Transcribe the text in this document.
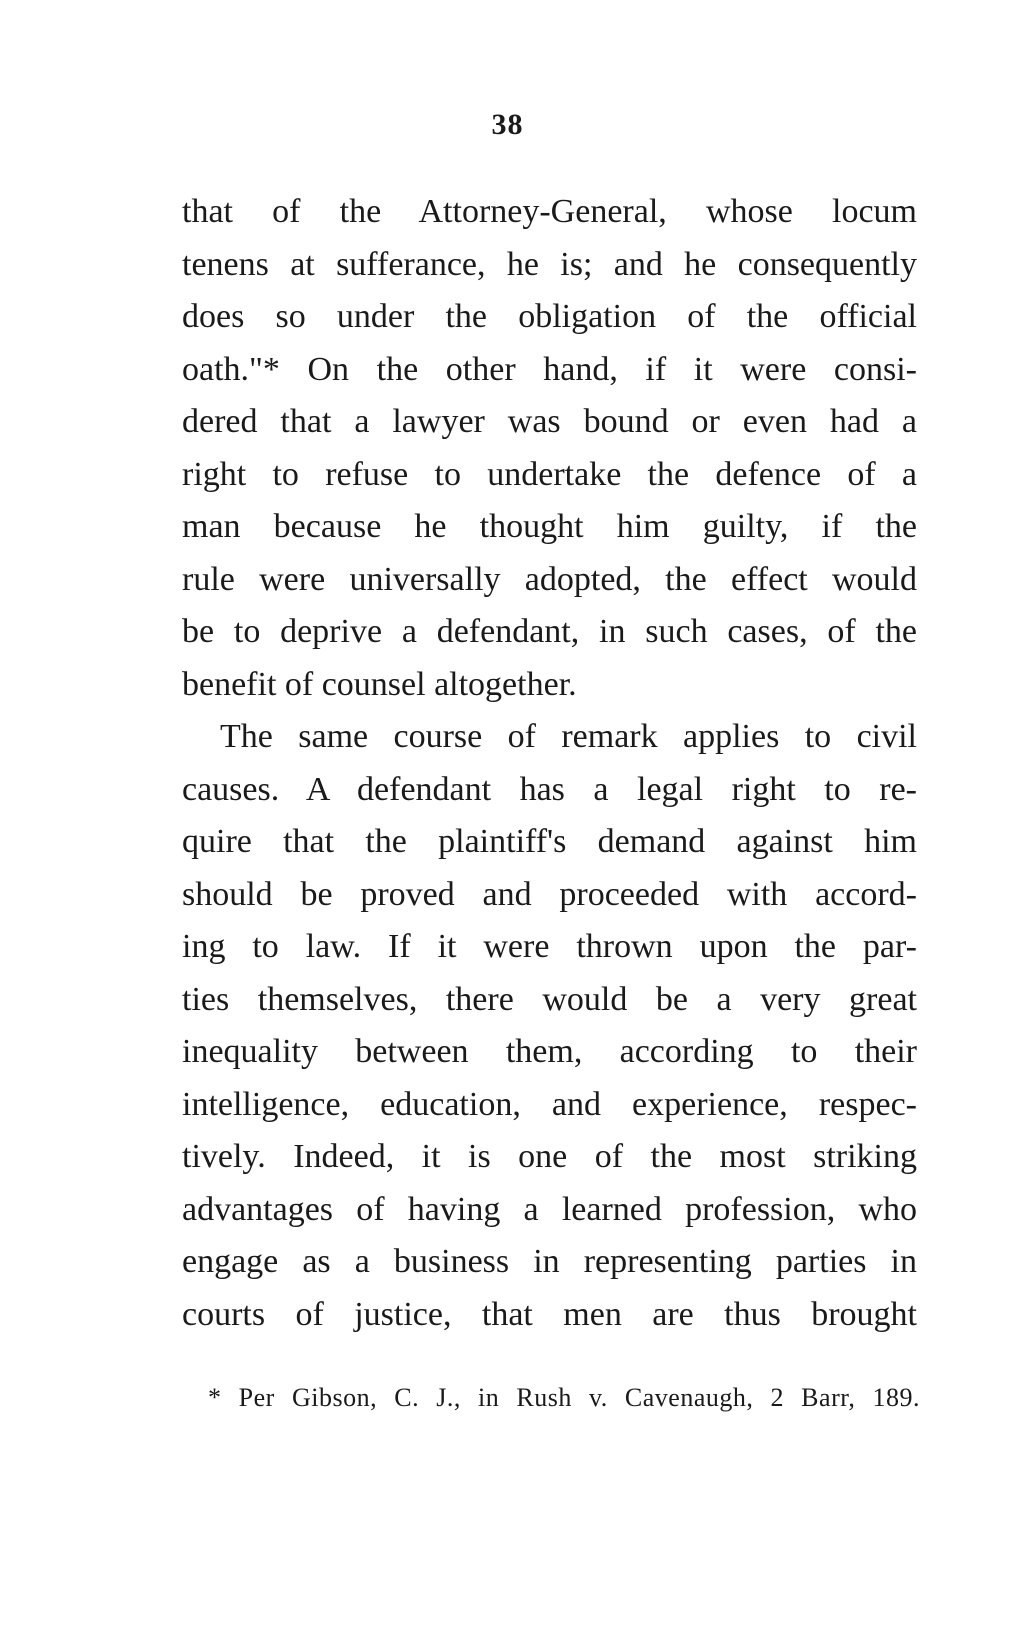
38
that of the Attorney-General, whose locum
tenens at sufferance, he is; and he consequently
does so under the obligation of the official
oath."* On the other hand, if it were consi-
dered that a lawyer was bound or even had a
right to refuse to undertake the defence of a
man because he thought him guilty, if the
rule were universally adopted, the effect would
be to deprive a defendant, in such cases, of the
benefit of counsel altogether.
The same course of remark applies to civil
causes. A defendant has a legal right to re-
quire that the plaintiff's demand against him
should be proved and proceeded with accord-
ing to law. If it were thrown upon the par-
ties themselves, there would be a very great
inequality between them, according to their
intelligence, education, and experience, respec-
tively. Indeed, it is one of the most striking
advantages of having a learned profession, who
engage as a business in representing parties in
courts of justice, that men are thus brought
* Per Gibson, C. J., in Rush v. Cavenaugh, 2 Barr, 189.
